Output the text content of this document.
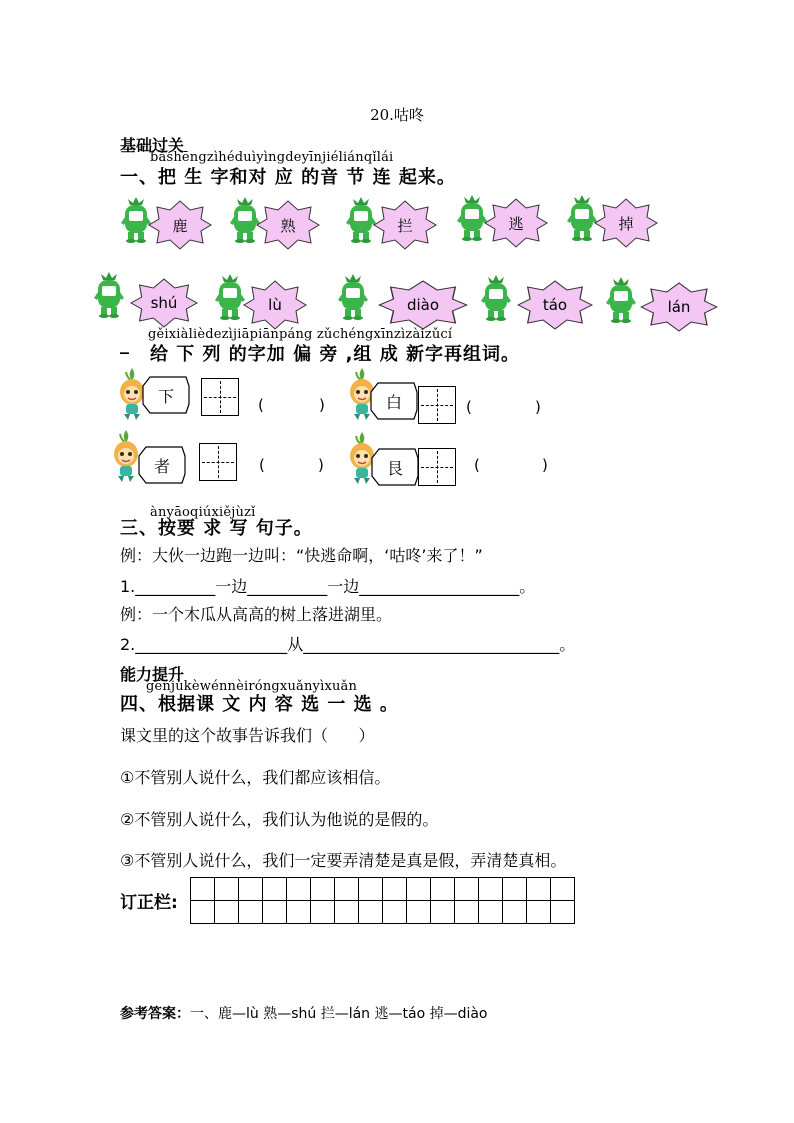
20.咕咚
基础过关
bǎshēngzìhéduìyìngdeyīnjiéliánqǐlái
一、把 生 字和对 应 的音 节 连 起来。
鹿	熟	拦	逃	掉
shú	lù	diào	táo	lán
gěixiàlièdezìjiāpiānpáng zǔchéngxīnzìzàizǔcí
_ 给 下 列 的字加 偏 旁 ,组 成 新字再组词。
下	(	)	白	(	)
者	(	)	艮	(	)
ànyāoqiúxiějùzǐ
三、按要 求 写 句子。
例：大伙一边跑一边叫：“快逃命啊，‘咕咚’来了！”
1.__________一边__________一边____________________。
例：一个木瓜从高高的树上落进湖里。
2.___________________从________________________________。
能力提升
gēnjùkèwénnèiróngxuǎnyìxuǎn
四、根据课 文 内 容 选 一 选 。
课文里的这个故事告诉我们（      ）
①不管别人说什么，我们都应该相信。
②不管别人说什么，我们认为他说的是假的。
③不管别人说什么，我们一定要弄清楚是真是假，弄清楚真相。
订正栏:

参考答案：一、鹿—lù 熟—shú 拦—lán 逃—táo 掉—diào
